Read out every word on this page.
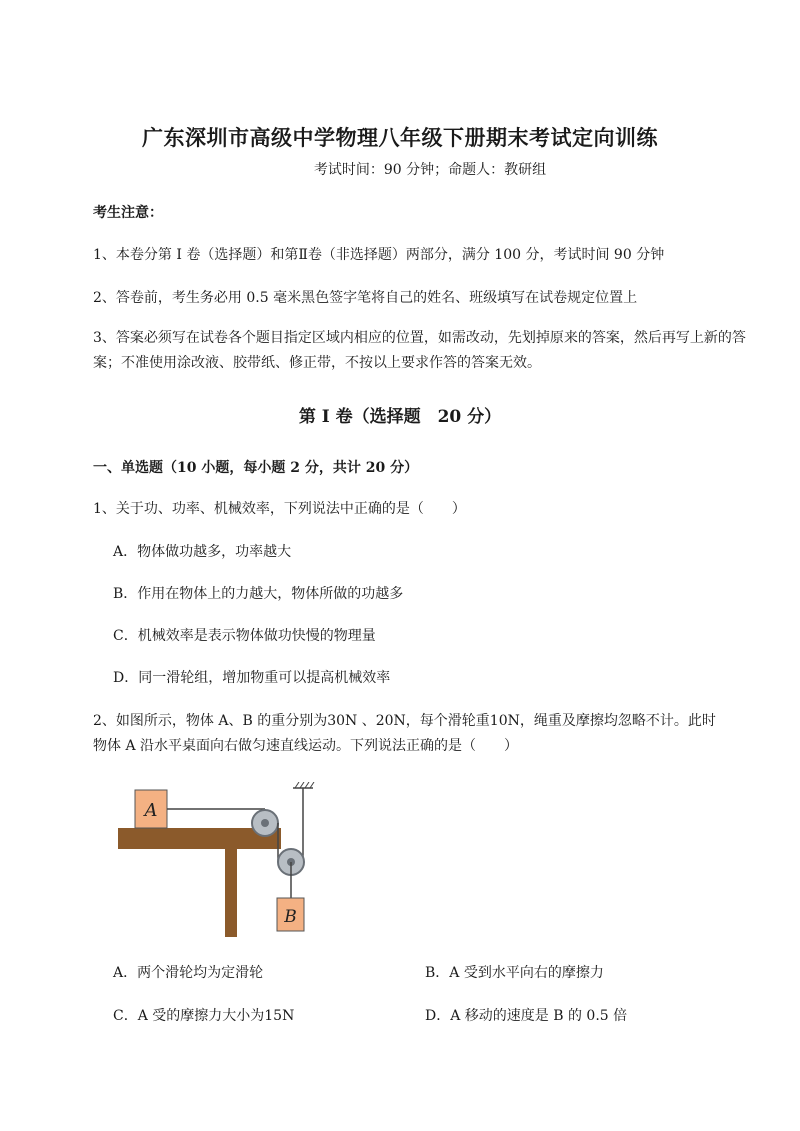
广东深圳市高级中学物理八年级下册期末考试定向训练
考试时间：90 分钟；命题人：教研组
考生注意：
1、本卷分第 I 卷（选择题）和第Ⅱ卷（非选择题）两部分，满分 100 分，考试时间 90 分钟
2、答卷前，考生务必用 0.5 毫米黑色签字笔将自己的姓名、班级填写在试卷规定位置上
3、答案必须写在试卷各个题目指定区域内相应的位置，如需改动，先划掉原来的答案，然后再写上新的答案；不准使用涂改液、胶带纸、修正带，不按以上要求作答的答案无效。
第 I 卷（选择题　20 分）
一、单选题（10 小题，每小题 2 分，共计 20 分）
1、关于功、功率、机械效率，下列说法中正确的是（　　）
A．物体做功越多，功率越大
B．作用在物体上的力越大，物体所做的功越多
C．机械效率是表示物体做功快慢的物理量
D．同一滑轮组，增加物重可以提高机械效率
2、如图所示，物体 A、B 的重分别为30N 、20N，每个滑轮重10N，绳重及摩擦均忽略不计。此时
物体 A 沿水平桌面向右做匀速直线运动。下列说法正确的是（　　）
A
B
A．两个滑轮均为定滑轮	B．A 受到水平向右的摩擦力
C．A 受的摩擦力大小为15N	D．A 移动的速度是 B 的 0.5 倍
